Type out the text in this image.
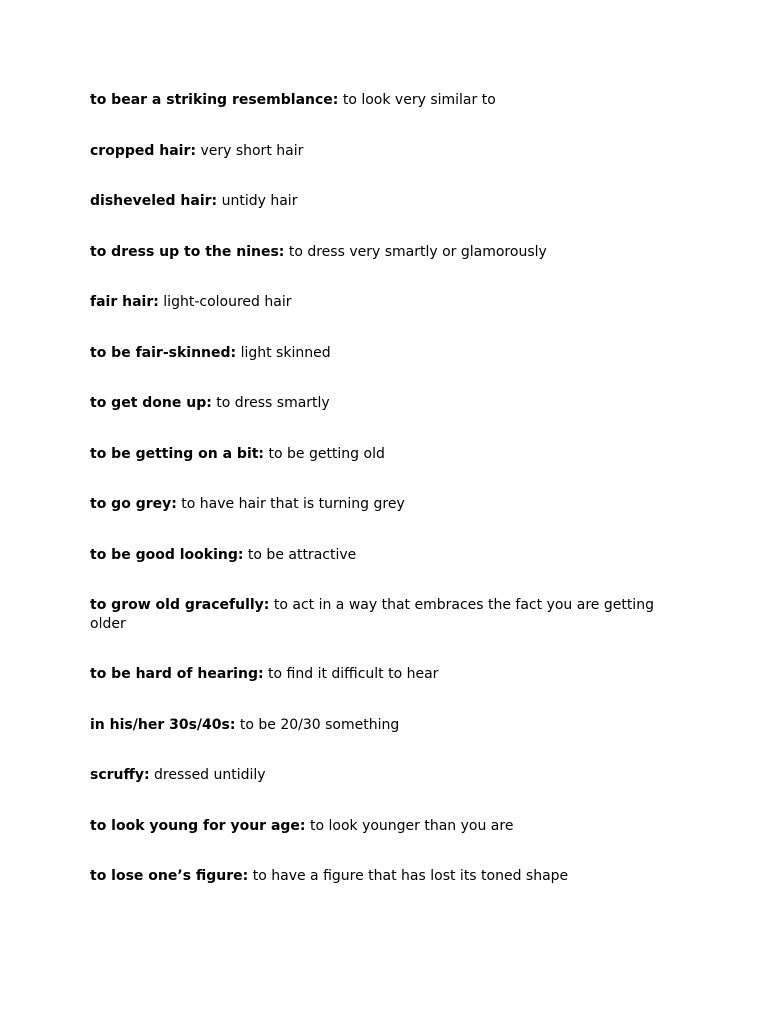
to bear a striking resemblance: to look very similar to
cropped hair: very short hair
disheveled hair: untidy hair
to dress up to the nines: to dress very smartly or glamorously
fair hair: light-coloured hair
to be fair-skinned: light skinned
to get done up: to dress smartly
to be getting on a bit: to be getting old
to go grey: to have hair that is turning grey
to be good looking: to be attractive
to grow old gracefully: to act in a way that embraces the fact you are getting older
to be hard of hearing: to find it difficult to hear
in his/her 30s/40s: to be 20/30 something
scruffy: dressed untidily
to look young for your age: to look younger than you are
to lose one’s figure: to have a figure that has lost its toned shape
